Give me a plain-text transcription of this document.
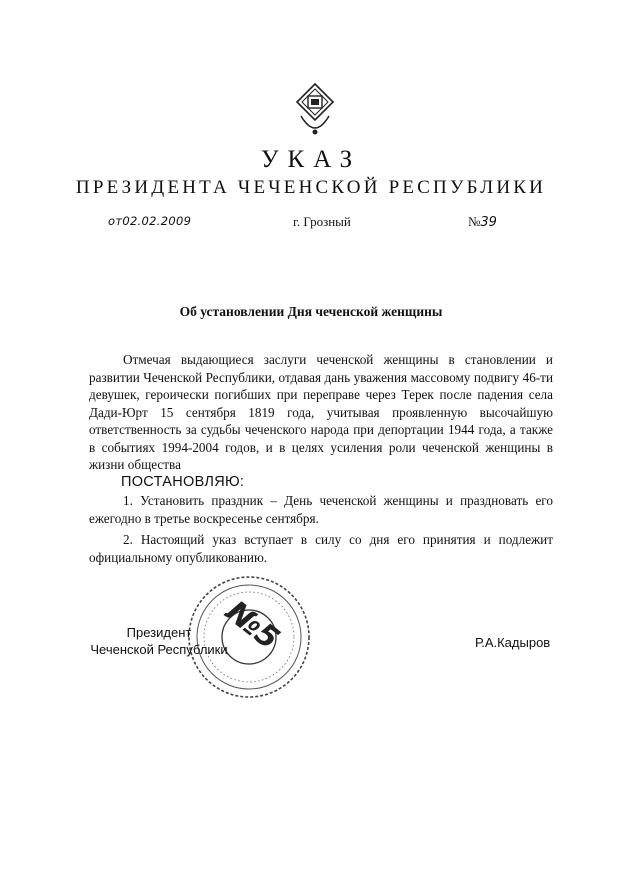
УКАЗ
ПРЕЗИДЕНТА ЧЕЧЕНСКОЙ РЕСПУБЛИКИ
от02.02.2009	г. Грозный	№39
Об установлении Дня чеченской женщины
Отмечая выдающиеся заслуги чеченской женщины в становлении и развитии Чеченской Республики, отдавая дань уважения массовому подвигу 46-ти девушек, героически погибших при переправе через Терек после падения села Дади-Юрт 15 сентября 1819 года, учитывая проявленную высочайшую ответственность за судьбы чеченского народа при депортации 1944 года, а также в событиях 1994-2004 годов, и в целях усиления роли чеченской женщины в жизни общества
ПОСТАНОВЛЯЮ:
1. Установить праздник – День чеченской женщины и праздновать его ежегодно в третье воскресенье сентября.
2. Настоящий указ вступает в силу со дня его принятия и подлежит официальному опубликованию.
№5
Президент
Чеченской Республики	Р.А.Кадыров
